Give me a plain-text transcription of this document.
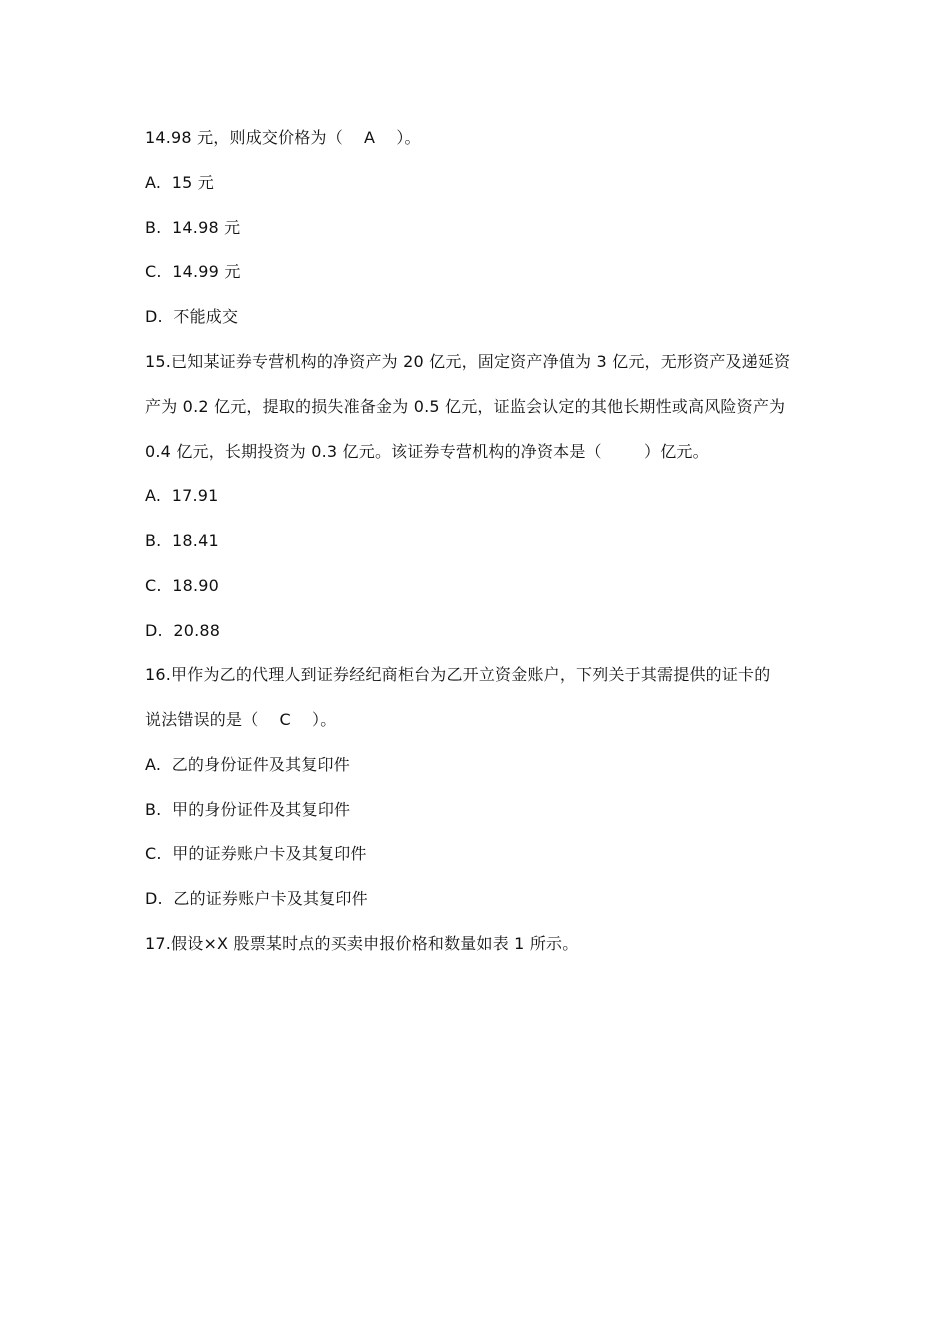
14.98 元，则成交价格为（    A    ）。
A.  15 元
B.  14.98 元
C.  14.99 元
D.  不能成交
15.已知某证券专营机构的净资产为 20 亿元，固定资产净值为 3 亿元，无形资产及递延资
产为 0.2 亿元，提取的损失准备金为 0.5 亿元，证监会认定的其他长期性或高风险资产为
0.4 亿元，长期投资为 0.3 亿元。该证券专营机构的净资本是（        ）亿元。
A.  17.91
B.  18.41
C.  18.90
D.  20.88
16.甲作为乙的代理人到证券经纪商柜台为乙开立资金账户，下列关于其需提供的证卡的
说法错误的是（    C    ）。
A.  乙的身份证件及其复印件
B.  甲的身份证件及其复印件
C.  甲的证券账户卡及其复印件
D.  乙的证券账户卡及其复印件
17.假设×X 股票某时点的买卖申报价格和数量如表 1 所示。
